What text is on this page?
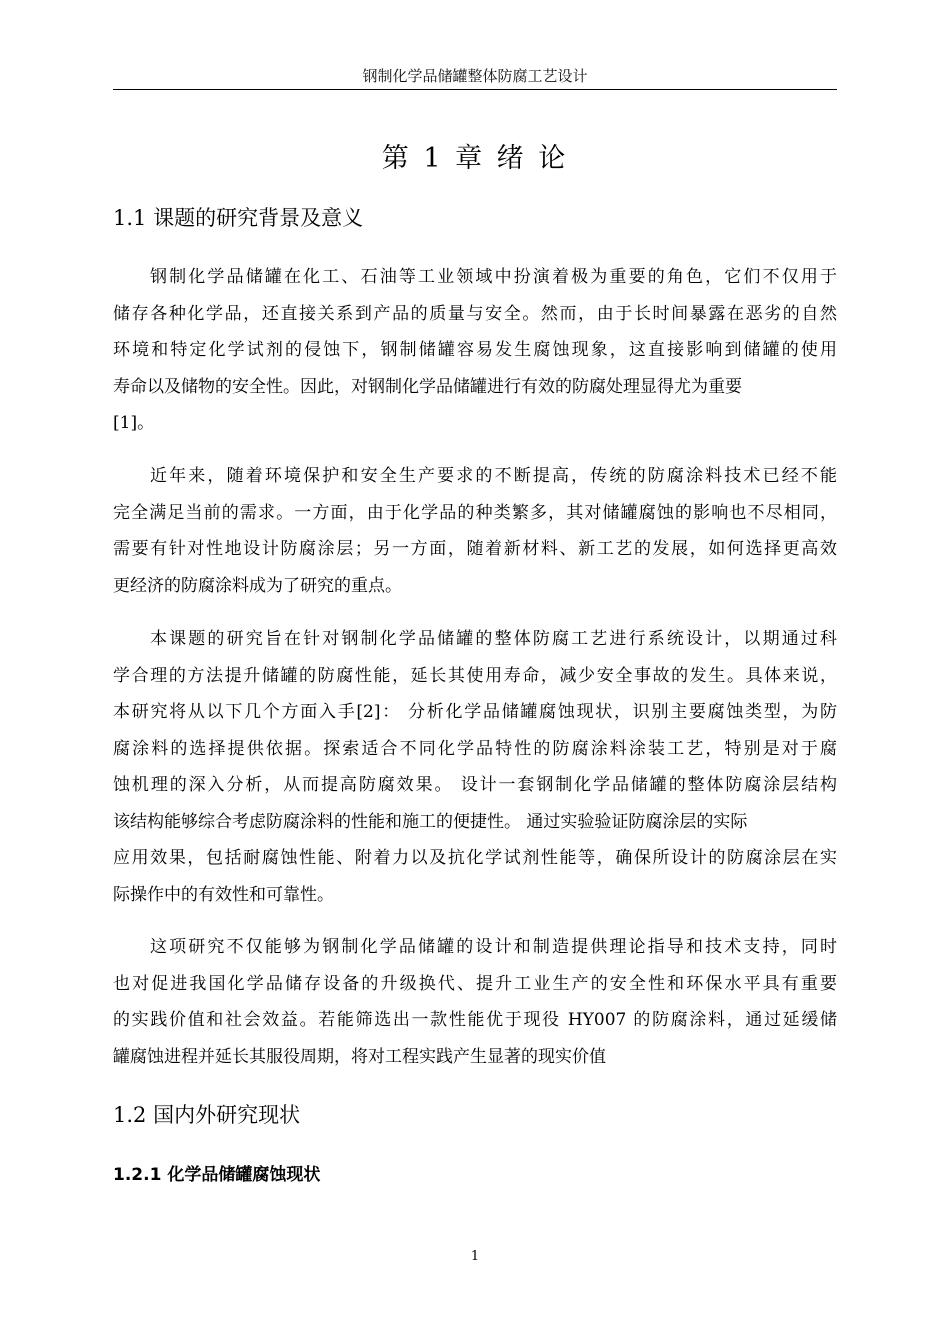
钢制化学品储罐整体防腐工艺设计
第 1 章 绪 论
1.1 课题的研究背景及意义
钢制化学品储罐在化工、石油等工业领域中扮演着极为重要的角色，它们不仅用于
储存各种化学品，还直接关系到产品的质量与安全。然而，由于长时间暴露在恶劣的自然
环境和特定化学试剂的侵蚀下，钢制储罐容易发生腐蚀现象，这直接影响到储罐的使用
寿命以及储物的安全性。因此，对钢制化学品储罐进行有效的防腐处理显得尤为重要
[1]。
近年来，随着环境保护和安全生产要求的不断提高，传统的防腐涂料技术已经不能
完全满足当前的需求。一方面，由于化学品的种类繁多，其对储罐腐蚀的影响也不尽相同，
需要有针对性地设计防腐涂层；另一方面，随着新材料、新工艺的发展，如何选择更高效
更经济的防腐涂料成为了研究的重点。
本课题的研究旨在针对钢制化学品储罐的整体防腐工艺进行系统设计，以期通过科
学合理的方法提升储罐的防腐性能，延长其使用寿命，减少安全事故的发生。具体来说，
本研究将从以下几个方面入手[2]： 分析化学品储罐腐蚀现状，识别主要腐蚀类型，为防
腐涂料的选择提供依据。探索适合不同化学品特性的防腐涂料涂装工艺，特别是对于腐
蚀机理的深入分析，从而提高防腐效果。 设计一套钢制化学品储罐的整体防腐涂层结构
该结构能够综合考虑防腐涂料的性能和施工的便捷性。 通过实验验证防腐涂层的实际
应用效果，包括耐腐蚀性能、附着力以及抗化学试剂性能等，确保所设计的防腐涂层在实
际操作中的有效性和可靠性。
这项研究不仅能够为钢制化学品储罐的设计和制造提供理论指导和技术支持，同时
也对促进我国化学品储存设备的升级换代、提升工业生产的安全性和环保水平具有重要
的实践价值和社会效益。若能筛选出一款性能优于现役 HY007 的防腐涂料，通过延缓储
罐腐蚀进程并延长其服役周期，将对工程实践产生显著的现实价值
1.2 国内外研究现状
1.2.1 化学品储罐腐蚀现状
1
